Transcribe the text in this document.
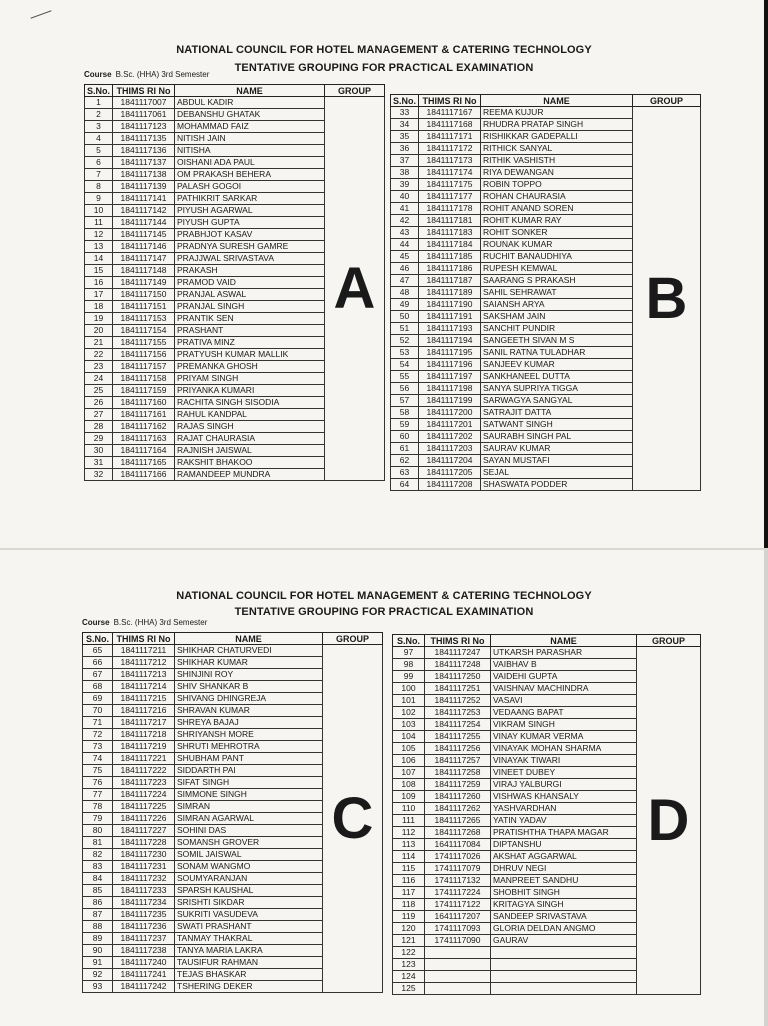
NATIONAL COUNCIL FOR HOTEL MANAGEMENT & CATERING TECHNOLOGY
TENTATIVE GROUPING FOR PRACTICAL EXAMINATION
Course B.Sc. (HHA) 3rd Semester
S.No.	THIMS RI No	NAME	GROUP
1	1841117007	ABDUL KADIR	A
2	1841117061	DEBANSHU GHATAK	
3	1841117123	MOHAMMAD FAIZ	
4	1841117135	NITISH JAIN	
5	1841117136	NITISHA	
6	1841117137	OISHANI ADA PAUL	
7	1841117138	OM PRAKASH BEHERA	
8	1841117139	PALASH GOGOI	
9	1841117141	PATHIKRIT SARKAR	
10	1841117142	PIYUSH AGARWAL	
11	1841117144	PIYUSH GUPTA	
12	1841117145	PRABHJOT KASAV	
13	1841117146	PRADNYA SURESH GAMRE	
14	1841117147	PRAJJWAL SRIVASTAVA	
15	1841117148	PRAKASH	
16	1841117149	PRAMOD VAID	
17	1841117150	PRANJAL ASWAL	
18	1841117151	PRANJAL SINGH	
19	1841117153	PRANTIK SEN	
20	1841117154	PRASHANT	
21	1841117155	PRATIVA MINZ	
22	1841117156	PRATYUSH KUMAR MALLIK	
23	1841117157	PREMANKA GHOSH	
24	1841117158	PRIYAM SINGH	
25	1841117159	PRIYANKA KUMARI	
26	1841117160	RACHITA SINGH SISODIA	
27	1841117161	RAHUL KANDPAL	
28	1841117162	RAJAS SINGH	
29	1841117163	RAJAT CHAURASIA	
30	1841117164	RAJNISH JAISWAL	
31	1841117165	RAKSHIT BHAKOO	
32	1841117166	RAMANDEEP MUNDRA	
S.No.	THIMS RI No	NAME	GROUP
33	1841117167	REEMA KUJUR	B
34	1841117168	RHUDRA PRATAP SINGH	
35	1841117171	RISHIKKAR GADEPALLI	
36	1841117172	RITHICK SANYAL	
37	1841117173	RITHIK VASHISTH	
38	1841117174	RIYA DEWANGAN	
39	1841117175	ROBIN TOPPO	
40	1841117177	ROHAN CHAURASIA	
41	1841117178	ROHIT ANAND SOREN	
42	1841117181	ROHIT KUMAR RAY	
43	1841117183	ROHIT SONKER	
44	1841117184	ROUNAK KUMAR	
45	1841117185	RUCHIT BANAUDHIYA	
46	1841117186	RUPESH KEMWAL	
47	1841117187	SAARANG S PRAKASH	
48	1841117189	SAHIL SEHRAWAT	
49	1841117190	SAIANSH ARYA	
50	1841117191	SAKSHAM JAIN	
51	1841117193	SANCHIT PUNDIR	
52	1841117194	SANGEETH SIVAN M S	
53	1841117195	SANIL RATNA TULADHAR	
54	1841117196	SANJEEV KUMAR	
55	1841117197	SANKHANEEL DUTTA	
56	1841117198	SANYA SUPRIYA TIGGA	
57	1841117199	SARWAGYA SANGYAL	
58	1841117200	SATRAJIT DATTA	
59	1841117201	SATWANT SINGH	
60	1841117202	SAURABH SINGH PAL	
61	1841117203	SAURAV KUMAR	
62	1841117204	SAYAN MUSTAFI	
63	1841117205	SEJAL	
64	1841117208	SHASWATA PODDER	
NATIONAL COUNCIL FOR HOTEL MANAGEMENT & CATERING TECHNOLOGY
TENTATIVE GROUPING FOR PRACTICAL EXAMINATION
Course B.Sc. (HHA) 3rd Semester
S.No.	THIMS RI No	NAME	GROUP
65	1841117211	SHIKHAR CHATURVEDI	C
66	1841117212	SHIKHAR KUMAR	
67	1841117213	SHINJINI ROY	
68	1841117214	SHIV SHANKAR B	
69	1841117215	SHIVANG DHINGREJA	
70	1841117216	SHRAVAN KUMAR	
71	1841117217	SHREYA BAJAJ	
72	1841117218	SHRIYANSH MORE	
73	1841117219	SHRUTI MEHROTRA	
74	1841117221	SHUBHAM PANT	
75	1841117222	SIDDARTH PAI	
76	1841117223	SIFAT SINGH	
77	1841117224	SIMMONE SINGH	
78	1841117225	SIMRAN	
79	1841117226	SIMRAN AGARWAL	
80	1841117227	SOHINI DAS	
81	1841117228	SOMANSH GROVER	
82	1841117230	SOMIL JAISWAL	
83	1841117231	SONAM WANGMO	
84	1841117232	SOUMYARANJAN	
85	1841117233	SPARSH KAUSHAL	
86	1841117234	SRISHTI SIKDAR	
87	1841117235	SUKRITI VASUDEVA	
88	1841117236	SWATI PRASHANT	
89	1841117237	TANMAY THAKRAL	
90	1841117238	TANYA MARIA LAKRA	
91	1841117240	TAUSIFUR RAHMAN	
92	1841117241	TEJAS BHASKAR	
93	1841117242	TSHERING DEKER	
S.No.	THIMS RI No	NAME	GROUP
97	1841117247	UTKARSH PARASHAR	D
98	1841117248	VAIBHAV B	
99	1841117250	VAIDEHI GUPTA	
100	1841117251	VAISHNAV MACHINDRA	
101	1841117252	VASAVI	
102	1841117253	VEDAANG BAPAT	
103	1841117254	VIKRAM SINGH	
104	1841117255	VINAY KUMAR VERMA	
105	1841117256	VINAYAK MOHAN SHARMA	
106	1841117257	VINAYAK TIWARI	
107	1841117258	VINEET DUBEY	
108	1841117259	VIRAJ YALBURGI	
109	1841117260	VISHWAS KHANSALY	
110	1841117262	YASHVARDHAN	
111	1841117265	YATIN YADAV	
112	1841117268	PRATISHTHA THAPA MAGAR	
113	1641117084	DIPTANSHU	
114	1741117026	AKSHAT AGGARWAL	
115	1741117079	DHRUV NEGI	
116	1741117132	MANPREET SANDHU	
117	1741117224	SHOBHIT SINGH	
118	1741117122	KRITAGYA SINGH	
119	1641117207	SANDEEP SRIVASTAVA	
120	1741117093	GLORIA DELDAN ANGMO	
121	1741117090	GAURAV	
122			
123			
124			
125			
